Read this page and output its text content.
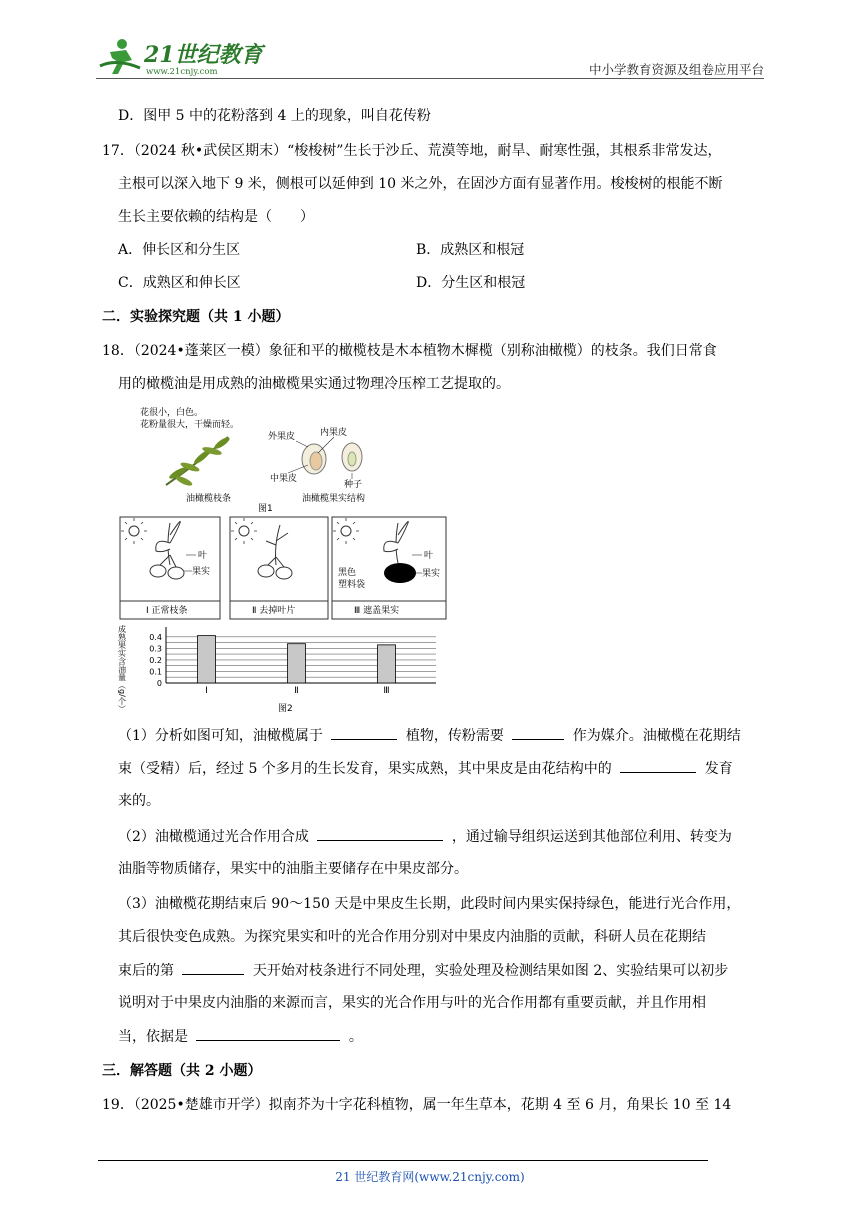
21世纪教育
www.21cnjy.com	中小学教育资源及组卷应用平台
D．图甲 5 中的花粉落到 4 上的现象，叫自花传粉
17．（2024 秋•武侯区期末）“梭梭树”生长于沙丘、荒漠等地，耐旱、耐寒性强，其根系非常发达，
主根可以深入地下 9 米，侧根可以延伸到 10 米之外，在固沙方面有显著作用。梭梭树的根能不断
生长主要依赖的结构是（　　）
A．伸长区和分生区	B．成熟区和根冠
C．成熟区和伸长区	D．分生区和根冠
二．实验探究题（共 1 小题）
18．（2024•蓬莱区一模）象征和平的橄榄枝是木本植物木樨榄（别称油橄榄）的枝条。我们日常食
用的橄榄油是用成熟的油橄榄果实通过物理冷压榨工艺提取的。
花很小，白色。
花粉量很大，干燥而轻。
油橄榄枝条
外果皮	内果皮
中果皮
种子
油橄榄果实结构
图1
叶
果实
Ⅰ 正常枝条	Ⅱ 去掉叶片
叶
果实
黑色
塑料袋
Ⅲ 遮盖果实
成熟果实含油量（g/个）	0
0.1
0.2
0.3
0.4
Ⅰ	Ⅱ	Ⅲ
图2
（1）分析如图可知，油橄榄属于	植物，传粉需要	作为媒介。油橄榄在花期结
束（受精）后，经过 5 个多月的生长发育，果实成熟，其中果皮是由花结构中的	发育
来的。
（2）油橄榄通过光合作用合成	，通过输导组织运送到其他部位利用、转变为
油脂等物质储存，果实中的油脂主要储存在中果皮部分。
（3）油橄榄花期结束后 90～150 天是中果皮生长期，此段时间内果实保持绿色，能进行光合作用，
其后很快变色成熟。为探究果实和叶的光合作用分别对中果皮内油脂的贡献，科研人员在花期结
束后的第	天开始对枝条进行不同处理，实验处理及检测结果如图 2、实验结果可以初步
说明对于中果皮内油脂的来源而言，果实的光合作用与叶的光合作用都有重要贡献，并且作用相
当，依据是	。
三．解答题（共 2 小题）
19．（2025•楚雄市开学）拟南芥为十字花科植物，属一年生草本，花期 4 至 6 月，角果长 10 至 14
21 世纪教育网(www.21cnjy.com)
